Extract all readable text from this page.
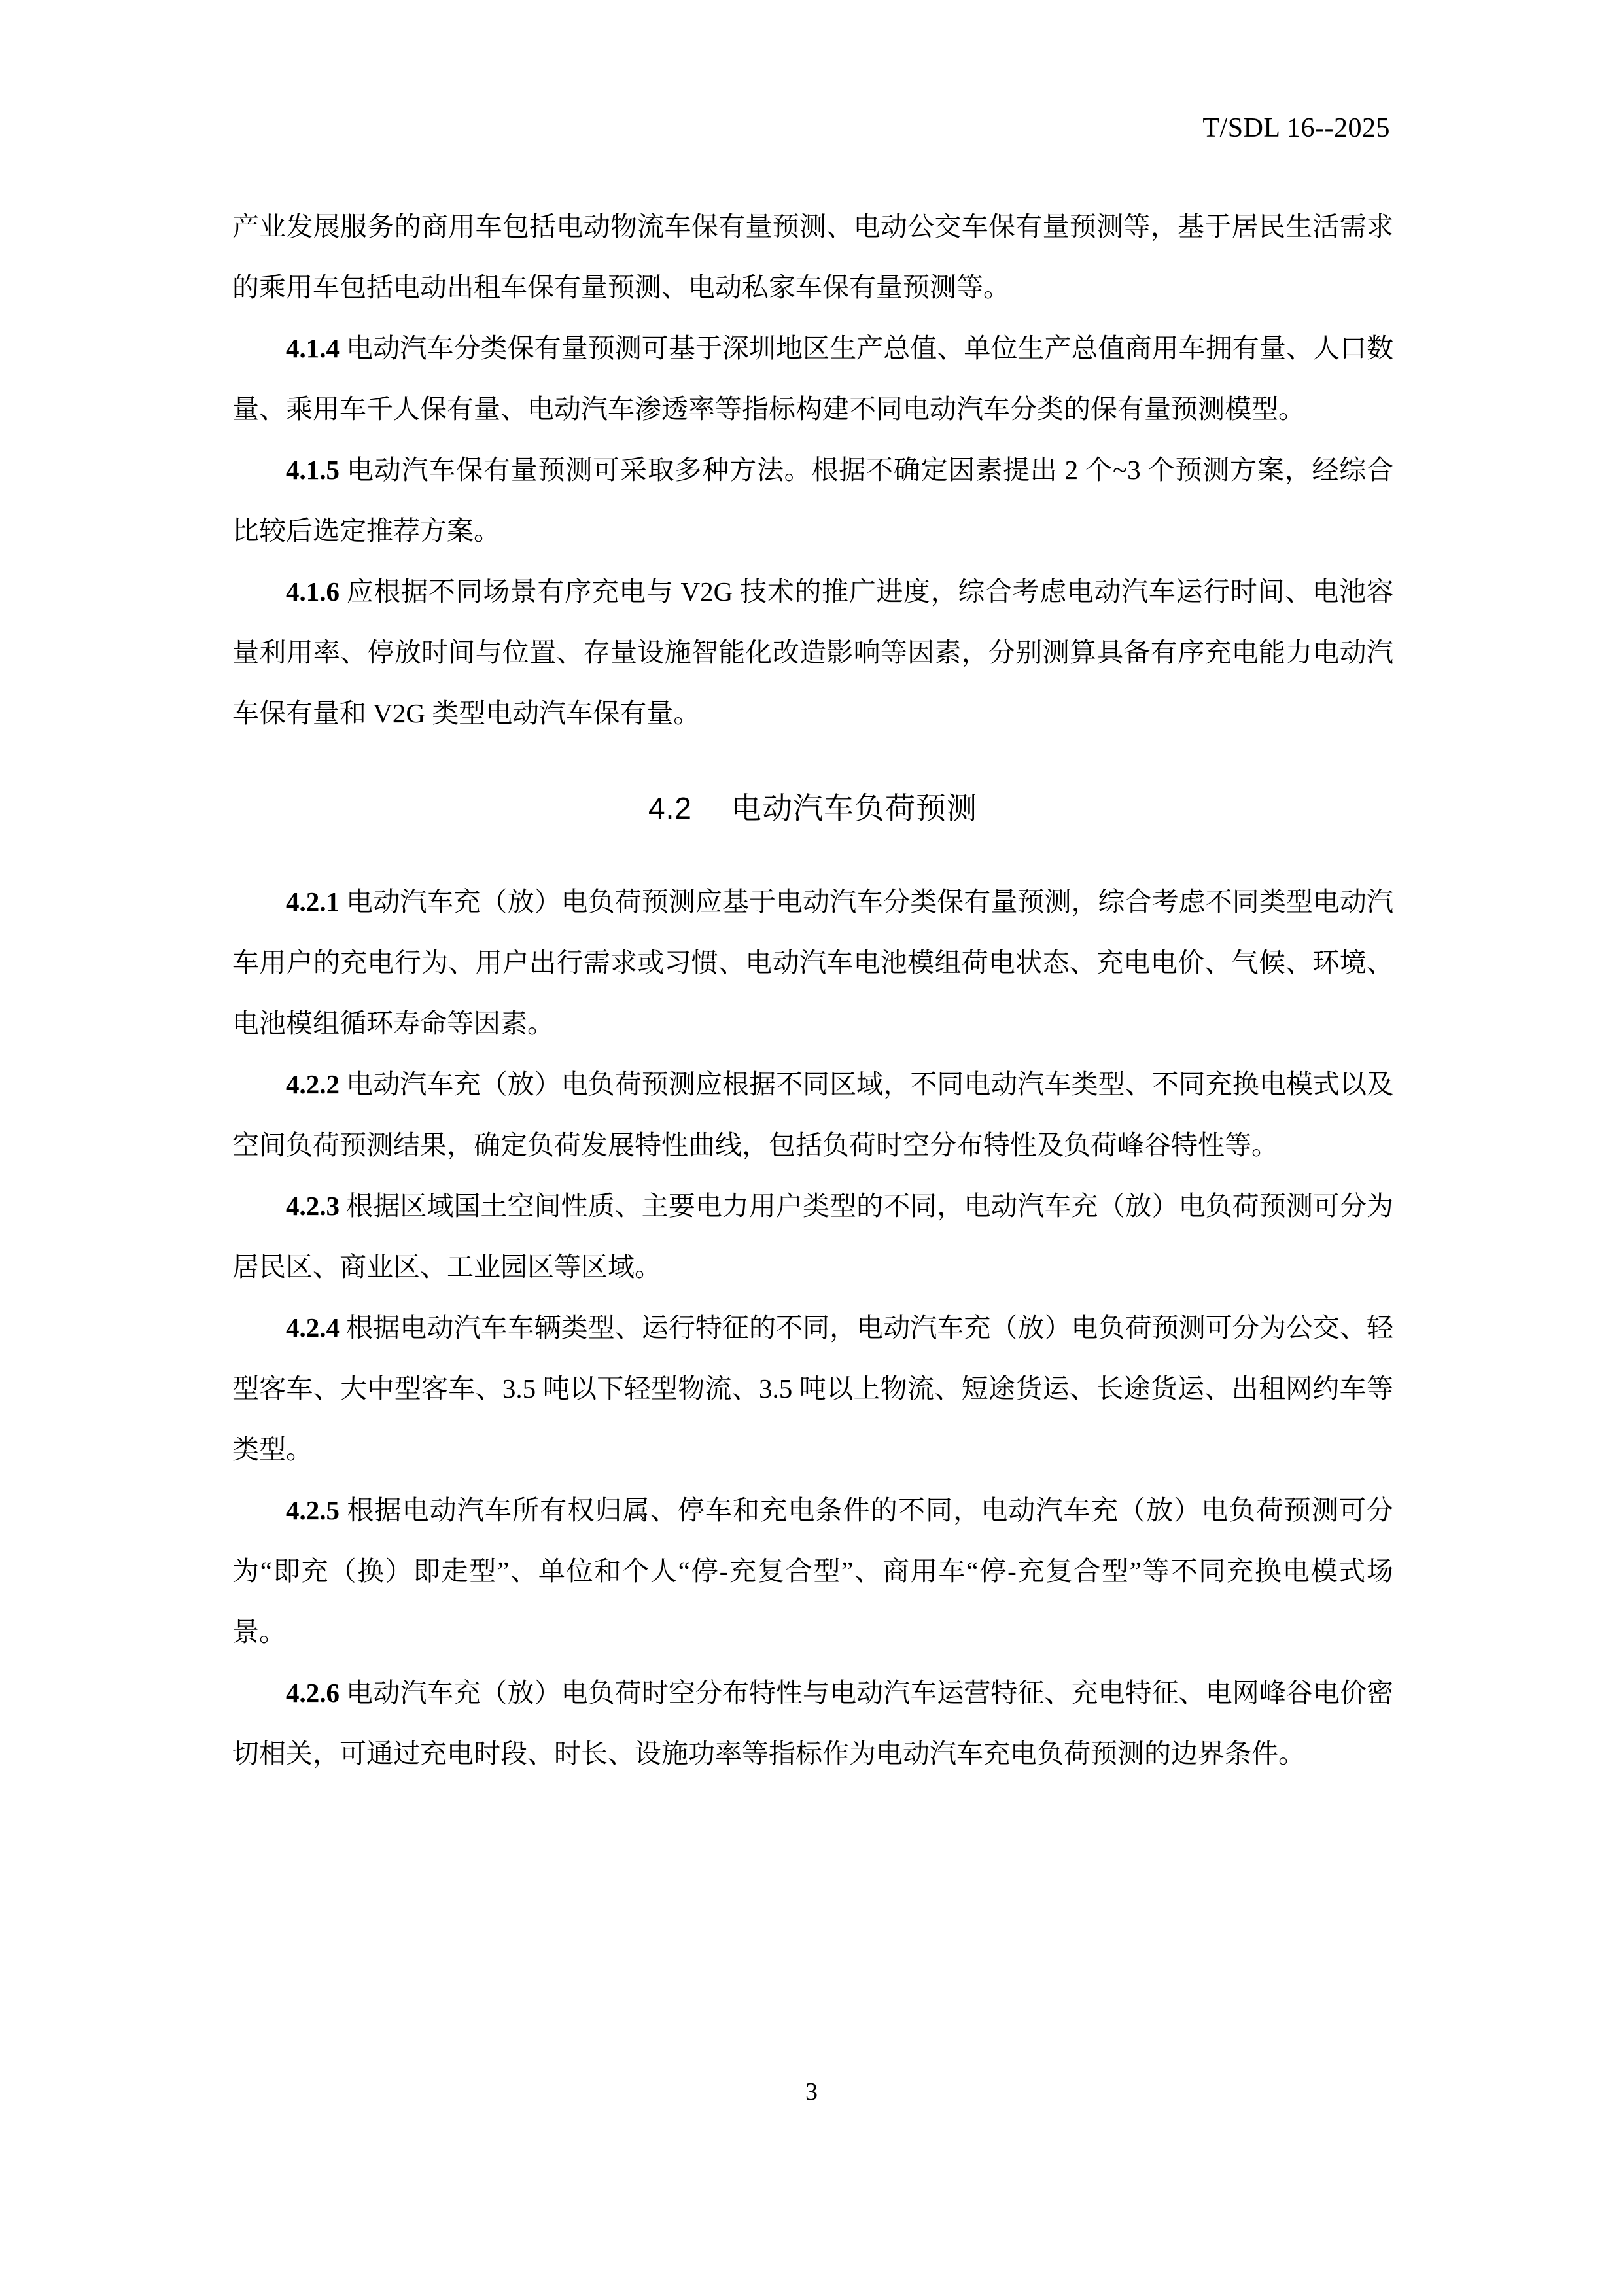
T/SDL 16--2025

产业发展服务的商用车包括电动物流车保有量预测、电动公交车保有量预测等，基于居民生活需求的乘用车包括电动出租车保有量预测、电动私家车保有量预测等。

4.1.4 电动汽车分类保有量预测可基于深圳地区生产总值、单位生产总值商用车拥有量、人口数量、乘用车千人保有量、电动汽车渗透率等指标构建不同电动汽车分类的保有量预测模型。

4.1.5 电动汽车保有量预测可采取多种方法。根据不确定因素提出 2 个~3 个预测方案，经综合比较后选定推荐方案。

4.1.6 应根据不同场景有序充电与 V2G 技术的推广进度，综合考虑电动汽车运行时间、电池容量利用率、停放时间与位置、存量设施智能化改造影响等因素，分别测算具备有序充电能力电动汽车保有量和 V2G 类型电动汽车保有量。

4.2 电动汽车负荷预测

4.2.1 电动汽车充（放）电负荷预测应基于电动汽车分类保有量预测，综合考虑不同类型电动汽车用户的充电行为、用户出行需求或习惯、电动汽车电池模组荷电状态、充电电价、气候、环境、电池模组循环寿命等因素。

4.2.2 电动汽车充（放）电负荷预测应根据不同区域，不同电动汽车类型、不同充换电模式以及空间负荷预测结果，确定负荷发展特性曲线，包括负荷时空分布特性及负荷峰谷特性等。

4.2.3 根据区域国土空间性质、主要电力用户类型的不同，电动汽车充（放）电负荷预测可分为居民区、商业区、工业园区等区域。

4.2.4 根据电动汽车车辆类型、运行特征的不同，电动汽车充（放）电负荷预测可分为公交、轻型客车、大中型客车、3.5 吨以下轻型物流、3.5 吨以上物流、短途货运、长途货运、出租网约车等类型。

4.2.5 根据电动汽车所有权归属、停车和充电条件的不同，电动汽车充（放）电负荷预测可分为“即充（换）即走型”、单位和个人“停-充复合型”、商用车“停-充复合型”等不同充换电模式场景。

4.2.6 电动汽车充（放）电负荷时空分布特性与电动汽车运营特征、充电特征、电网峰谷电价密切相关，可通过充电时段、时长、设施功率等指标作为电动汽车充电负荷预测的边界条件。

3
